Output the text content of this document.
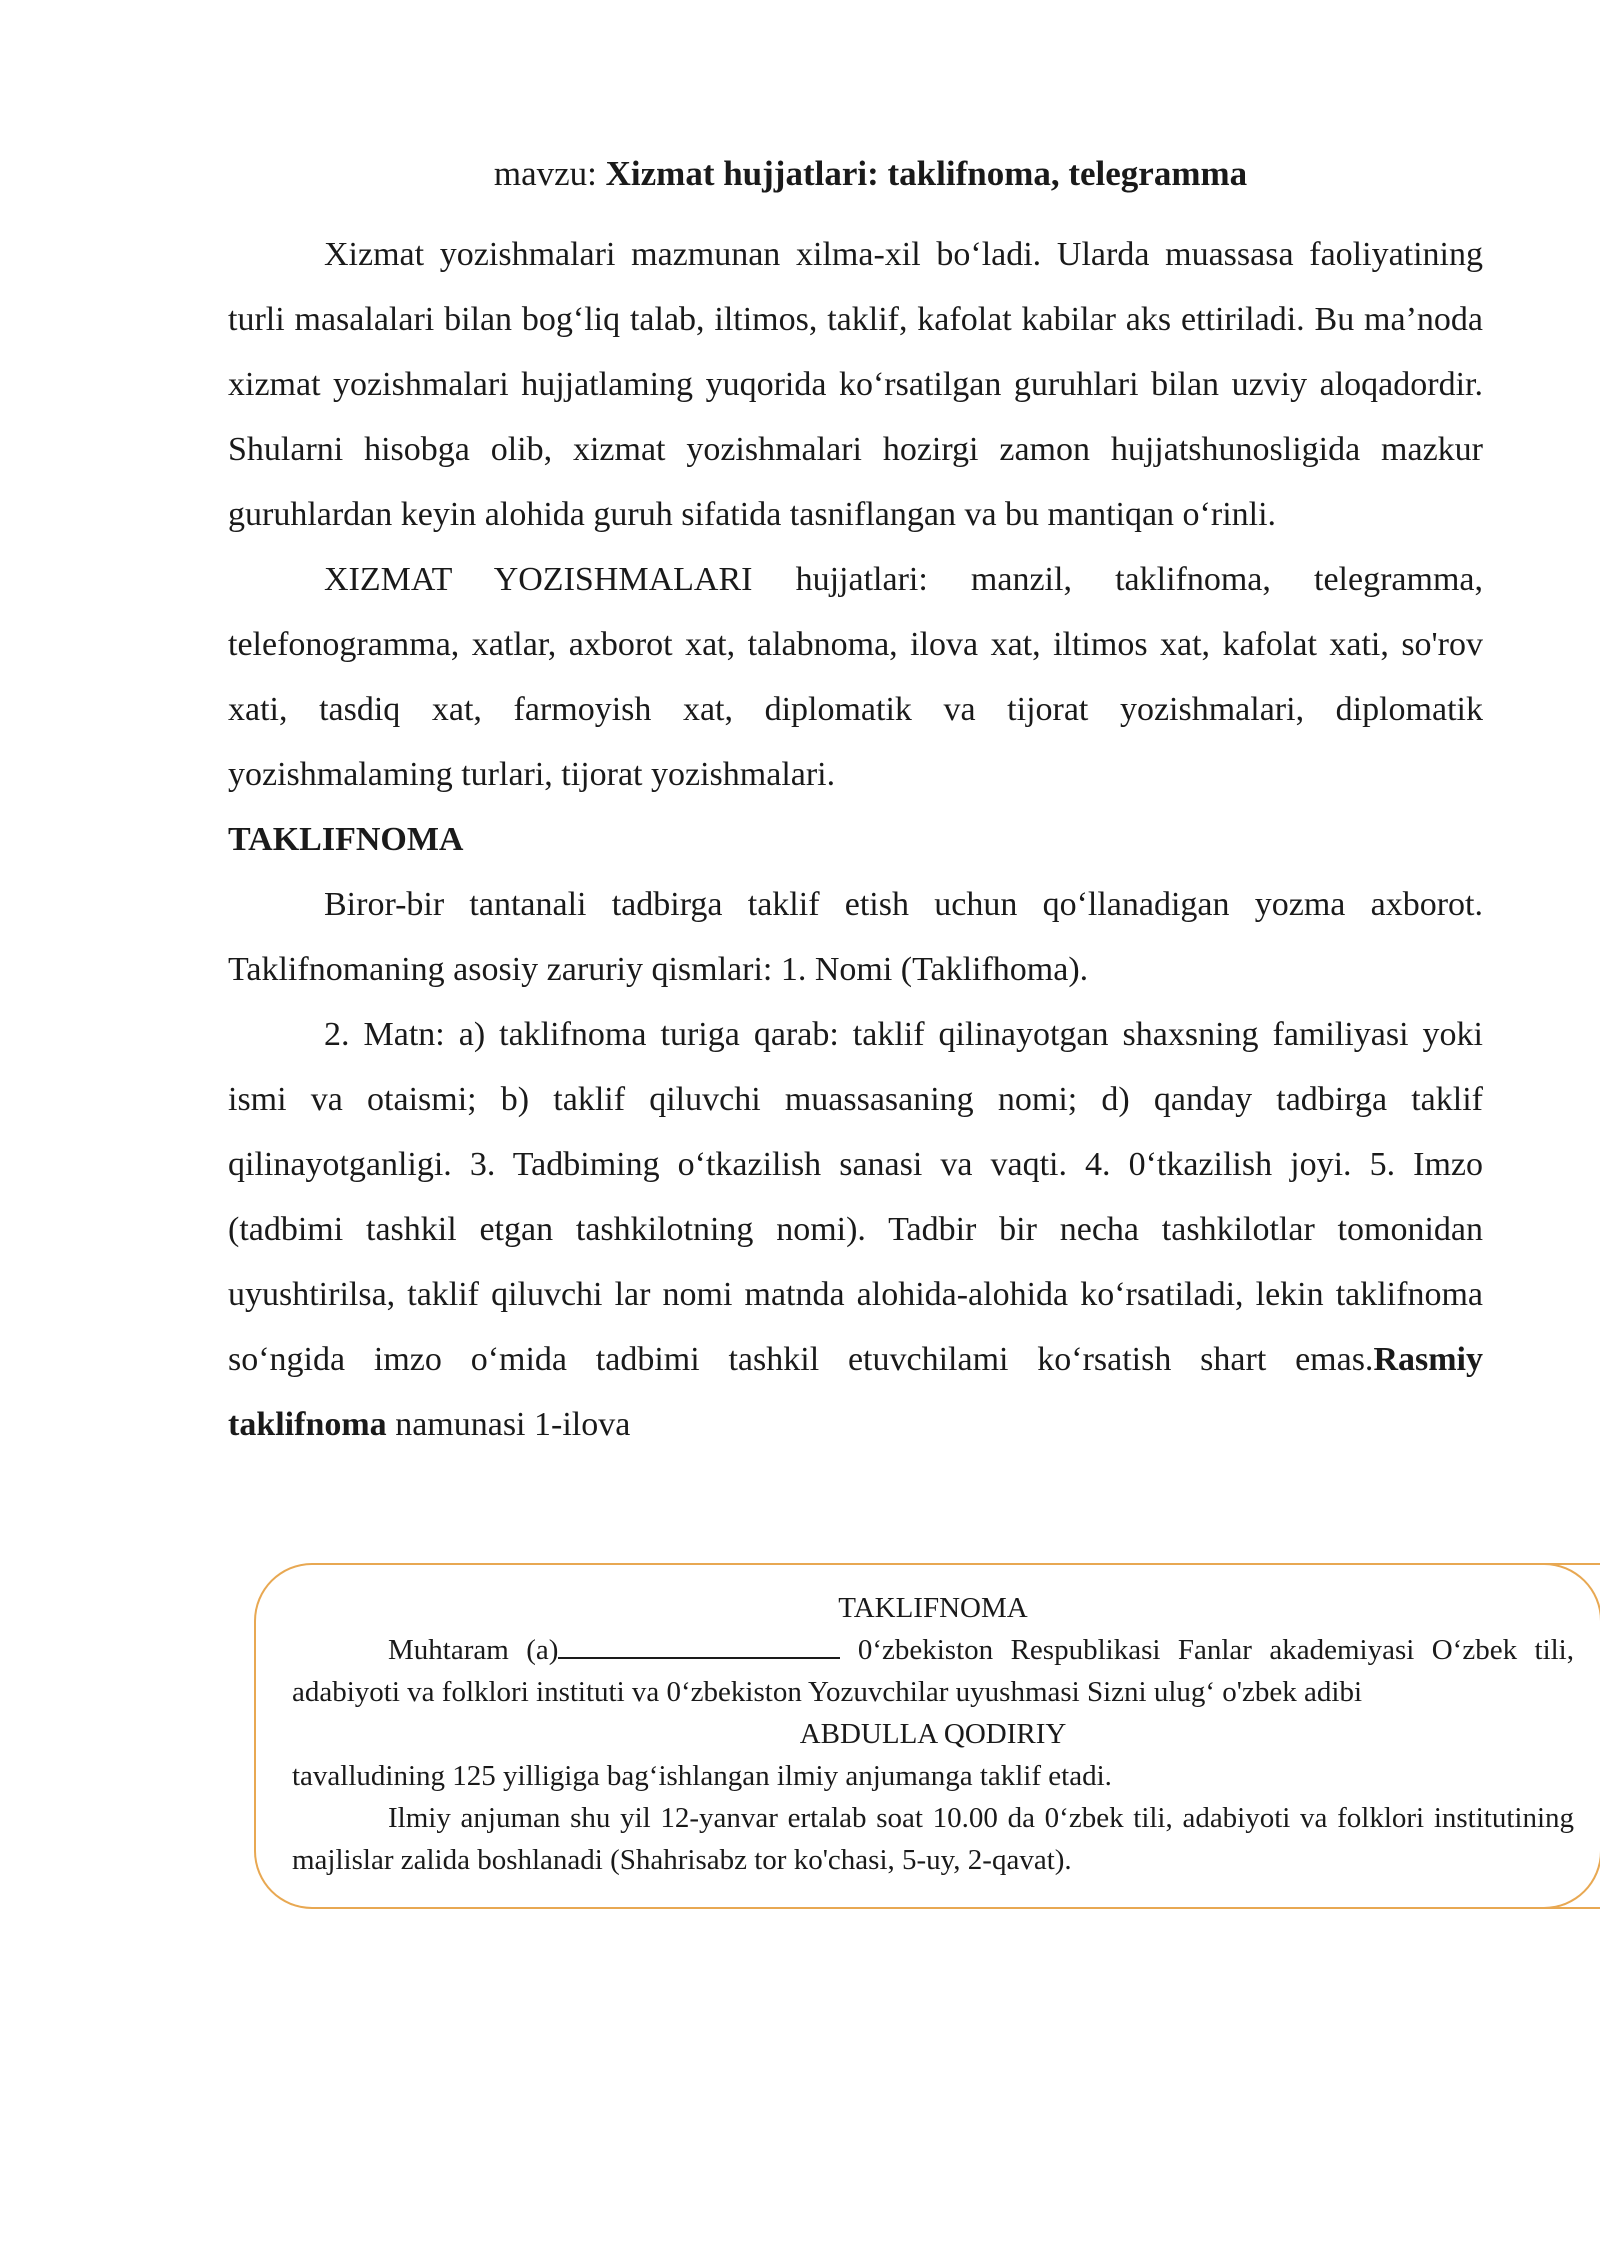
mavzu: Xizmat hujjatlari: taklifnoma, telegramma

Xizmat yozishmalari mazmunan xilma-xil bo‘ladi. Ularda muassasa faoliyatining turli masalalari bilan bog‘liq talab, iltimos, taklif, kafolat kabilar aks ettiriladi. Bu ma’noda xizmat yozishmalari hujjatlaming yuqorida ko‘rsatilgan guruhlari bilan uzviy aloqadordir. Shularni hisobga olib, xizmat yozishmalari hozirgi zamon hujjatshunosligida mazkur guruhlardan keyin alohida guruh sifatida tasniflangan va bu mantiqan o‘rinli.

XIZMAT YOZISHMALARI hujjatlari: manzil, taklifnoma, telegramma, telefonogramma, xatlar, axborot xat, talabnoma, ilova xat, iltimos xat, kafolat xati, so'rov xati, tasdiq xat, farmoyish xat, diplomatik va tijorat yozishmalari, diplomatik yozishmalaming turlari, tijorat yozishmalari.

TAKLIFNOMA

Biror-bir tantanali tadbirga taklif etish uchun qo‘llanadigan yozma axborot. Taklifnomaning asosiy zaruriy qismlari: 1. Nomi (Taklifhoma).

2. Matn: a) taklifnoma turiga qarab: taklif qilinayotgan shaxsning familiyasi yoki ismi va otaismi; b) taklif qiluvchi muassasaning nomi; d) qanday tadbirga taklif qilinayotganligi. 3. Tadbiming o‘tkazilish sanasi va vaqti. 4. 0‘tkazilish joyi. 5. Imzo (tadbimi tashkil etgan tashkilotning nomi). Tadbir bir necha tashkilotlar tomonidan uyushtirilsa, taklif qiluvchi lar nomi matnda alohida-alohida ko‘rsatiladi, lekin taklifnoma so‘ngida imzo o‘mida tadbimi tashkil etuvchilami ko‘rsatish shart emas.Rasmiy taklifnoma namunasi 1-ilova

TAKLIFNOMA

Muhtaram (a)	0‘zbekiston Respublikasi Fanlar akademiyasi O‘zbek tili, adabiyoti va folklori instituti va 0‘zbekiston Yozuvchilar uyushmasi Sizni ulug‘ o'zbek adibi

ABDULLA QODIRIY

tavalludining 125 yilligiga bag‘ishlangan ilmiy anjumanga taklif etadi.

Ilmiy anjuman shu yil 12-yanvar ertalab soat 10.00 da 0‘zbek tili, adabiyoti va folklori institutining majlislar zalida boshlanadi (Shahrisabz tor ko'chasi, 5-uy, 2-qavat).
